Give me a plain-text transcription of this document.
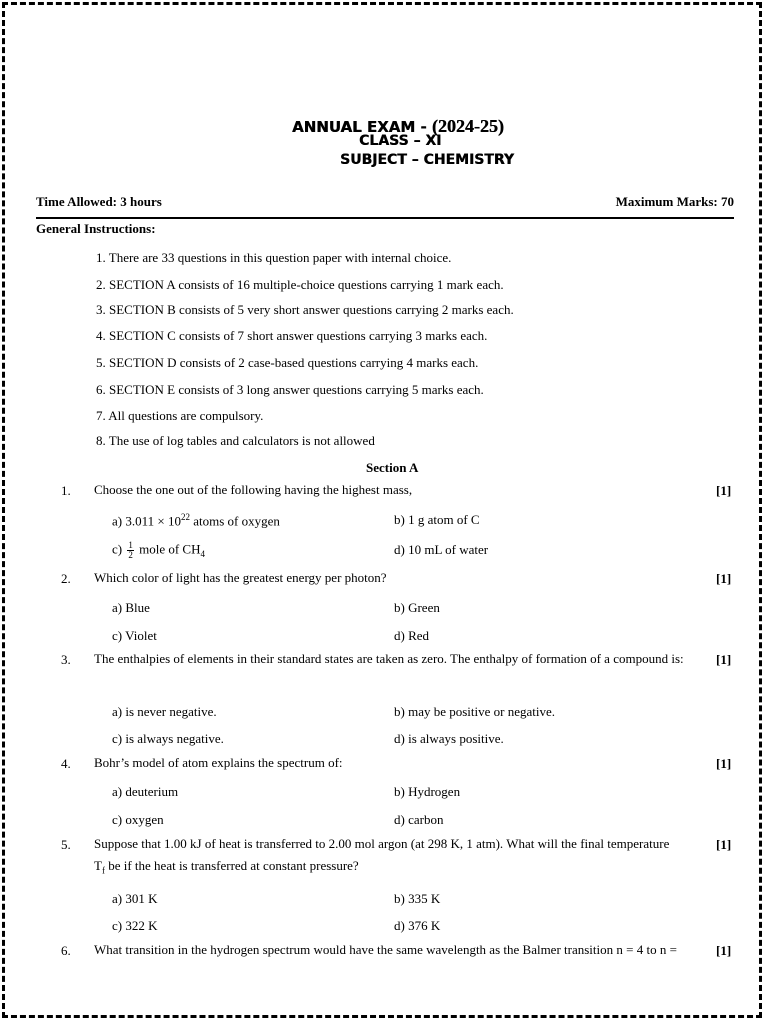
ANNUAL EXAM - (2024-25)
CLASS – XI
SUBJECT – CHEMISTRY
Time Allowed: 3 hours	Maximum Marks: 70
General Instructions:
1. There are 33 questions in this question paper with internal choice.
2. SECTION A consists of 16 multiple-choice questions carrying 1 mark each.
3. SECTION B consists of 5 very short answer questions carrying 2 marks each.
4. SECTION C consists of 7 short answer questions carrying 3 marks each.
5. SECTION D consists of 2 case-based questions carrying 4 marks each.
6. SECTION E consists of 3 long answer questions carrying 5 marks each.
7. All questions are compulsory.
8. The use of log tables and calculators is not allowed
Section A
1. Choose the one out of the following having the highest mass,	[1]
a) $3.011 \times 10^{22}$ atoms of oxygen	b) 1 g atom of C
$c) \frac{1}{2}$ mole of $CH_4$	d) 10 mL of water
2. Which color of light has the greatest energy per photon?	[1]
a) Blue	b) Green
c) Violet	d) Red
3. The enthalpies of elements in their standard states are taken as zero. The enthalpy of formation of a compound is:	[1]
a) is never negative.	b) may be positive or negative.
c) is always negative.	d) is always positive.
4. Bohr’s model of atom explains the spectrum of:	[1]
a) deuterium	b) Hydrogen
c) oxygen	d) carbon
5. Suppose that 1.00 kJ of heat is transferred to 2.00 mol argon (at 298 K, 1 atm). What will the final temperature
$T_f$ be if the heat is transferred at constant pressure?
[1]
a) 301 K	b) 335 K
c) 322 K	d) 376 K
6. What transition in the hydrogen spectrum would have the same wavelength as the Balmer transition n = 4 to n =	[1]
